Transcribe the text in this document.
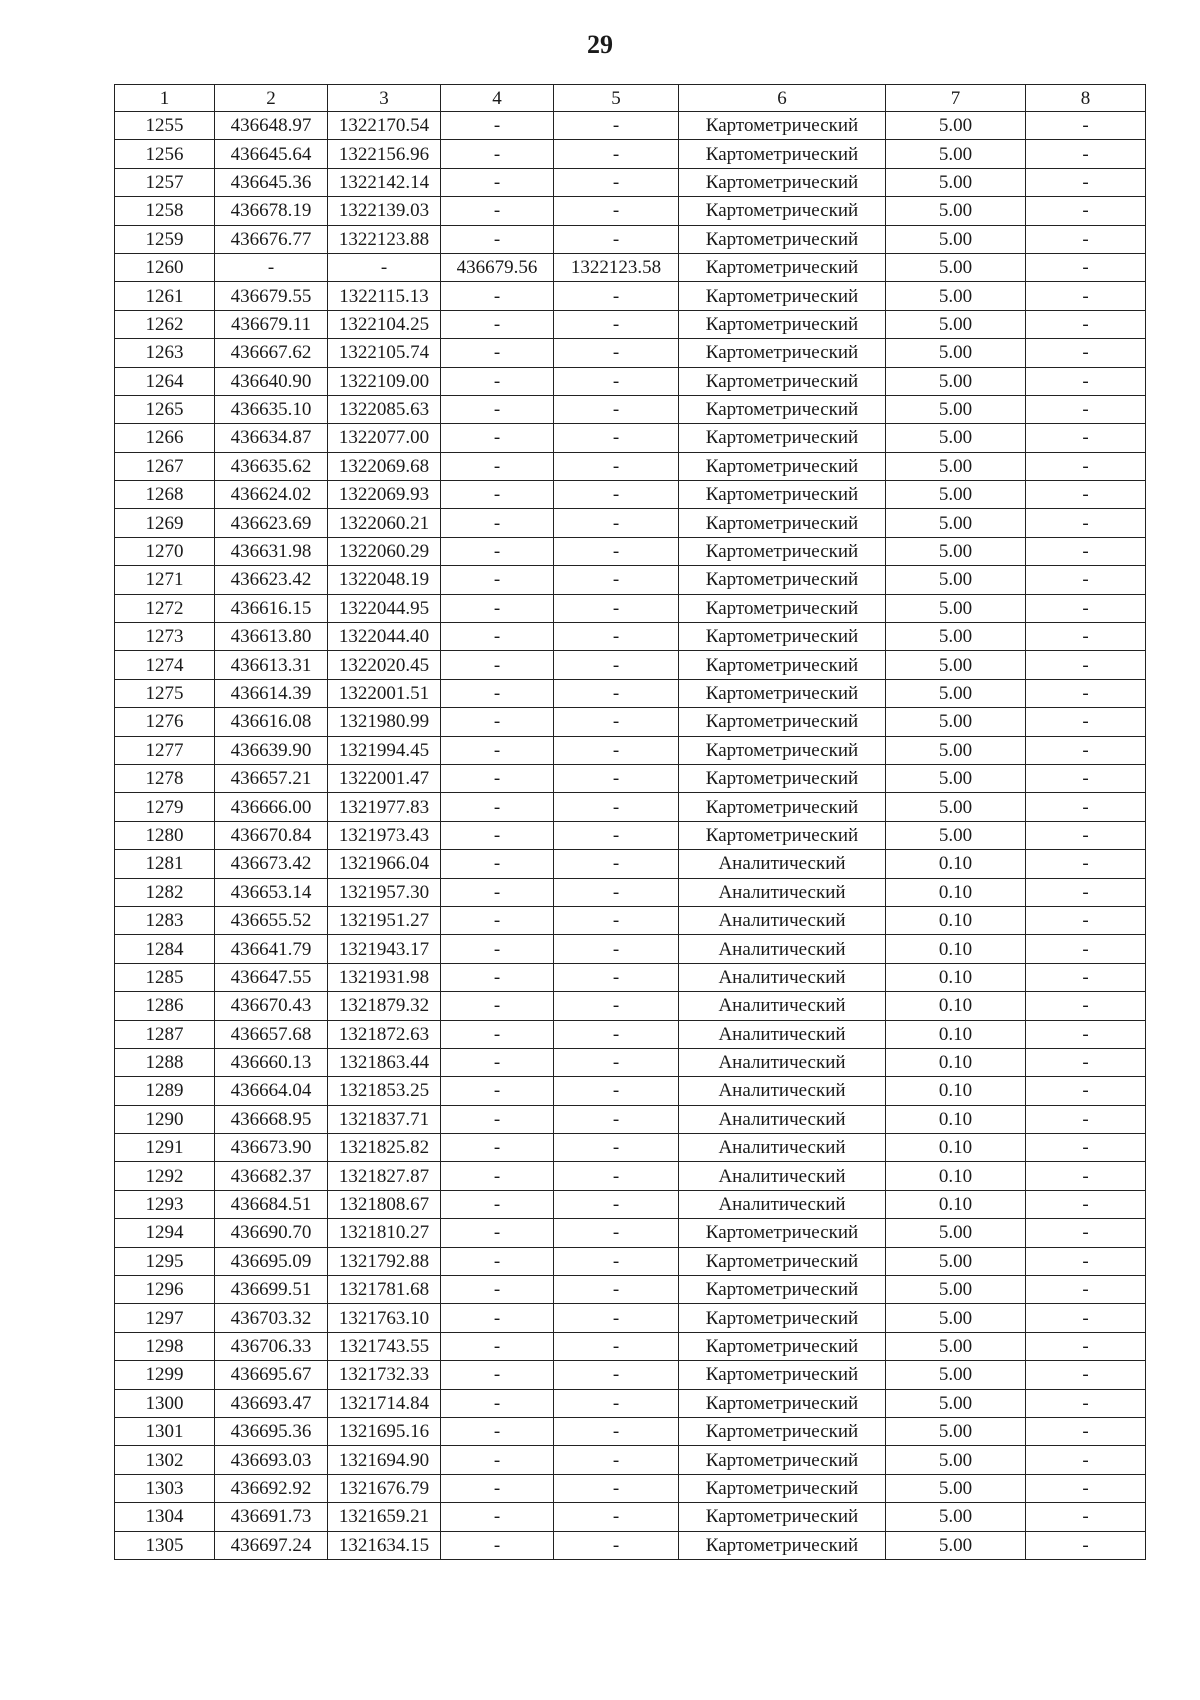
29
1	2	3	4	5	6	7	8
1255	436648.97	1322170.54	-	-	Картометрический	5.00	-
1256	436645.64	1322156.96	-	-	Картометрический	5.00	-
1257	436645.36	1322142.14	-	-	Картометрический	5.00	-
1258	436678.19	1322139.03	-	-	Картометрический	5.00	-
1259	436676.77	1322123.88	-	-	Картометрический	5.00	-
1260	-	-	436679.56	1322123.58	Картометрический	5.00	-
1261	436679.55	1322115.13	-	-	Картометрический	5.00	-
1262	436679.11	1322104.25	-	-	Картометрический	5.00	-
1263	436667.62	1322105.74	-	-	Картометрический	5.00	-
1264	436640.90	1322109.00	-	-	Картометрический	5.00	-
1265	436635.10	1322085.63	-	-	Картометрический	5.00	-
1266	436634.87	1322077.00	-	-	Картометрический	5.00	-
1267	436635.62	1322069.68	-	-	Картометрический	5.00	-
1268	436624.02	1322069.93	-	-	Картометрический	5.00	-
1269	436623.69	1322060.21	-	-	Картометрический	5.00	-
1270	436631.98	1322060.29	-	-	Картометрический	5.00	-
1271	436623.42	1322048.19	-	-	Картометрический	5.00	-
1272	436616.15	1322044.95	-	-	Картометрический	5.00	-
1273	436613.80	1322044.40	-	-	Картометрический	5.00	-
1274	436613.31	1322020.45	-	-	Картометрический	5.00	-
1275	436614.39	1322001.51	-	-	Картометрический	5.00	-
1276	436616.08	1321980.99	-	-	Картометрический	5.00	-
1277	436639.90	1321994.45	-	-	Картометрический	5.00	-
1278	436657.21	1322001.47	-	-	Картометрический	5.00	-
1279	436666.00	1321977.83	-	-	Картометрический	5.00	-
1280	436670.84	1321973.43	-	-	Картометрический	5.00	-
1281	436673.42	1321966.04	-	-	Аналитический	0.10	-
1282	436653.14	1321957.30	-	-	Аналитический	0.10	-
1283	436655.52	1321951.27	-	-	Аналитический	0.10	-
1284	436641.79	1321943.17	-	-	Аналитический	0.10	-
1285	436647.55	1321931.98	-	-	Аналитический	0.10	-
1286	436670.43	1321879.32	-	-	Аналитический	0.10	-
1287	436657.68	1321872.63	-	-	Аналитический	0.10	-
1288	436660.13	1321863.44	-	-	Аналитический	0.10	-
1289	436664.04	1321853.25	-	-	Аналитический	0.10	-
1290	436668.95	1321837.71	-	-	Аналитический	0.10	-
1291	436673.90	1321825.82	-	-	Аналитический	0.10	-
1292	436682.37	1321827.87	-	-	Аналитический	0.10	-
1293	436684.51	1321808.67	-	-	Аналитический	0.10	-
1294	436690.70	1321810.27	-	-	Картометрический	5.00	-
1295	436695.09	1321792.88	-	-	Картометрический	5.00	-
1296	436699.51	1321781.68	-	-	Картометрический	5.00	-
1297	436703.32	1321763.10	-	-	Картометрический	5.00	-
1298	436706.33	1321743.55	-	-	Картометрический	5.00	-
1299	436695.67	1321732.33	-	-	Картометрический	5.00	-
1300	436693.47	1321714.84	-	-	Картометрический	5.00	-
1301	436695.36	1321695.16	-	-	Картометрический	5.00	-
1302	436693.03	1321694.90	-	-	Картометрический	5.00	-
1303	436692.92	1321676.79	-	-	Картометрический	5.00	-
1304	436691.73	1321659.21	-	-	Картометрический	5.00	-
1305	436697.24	1321634.15	-	-	Картометрический	5.00	-
